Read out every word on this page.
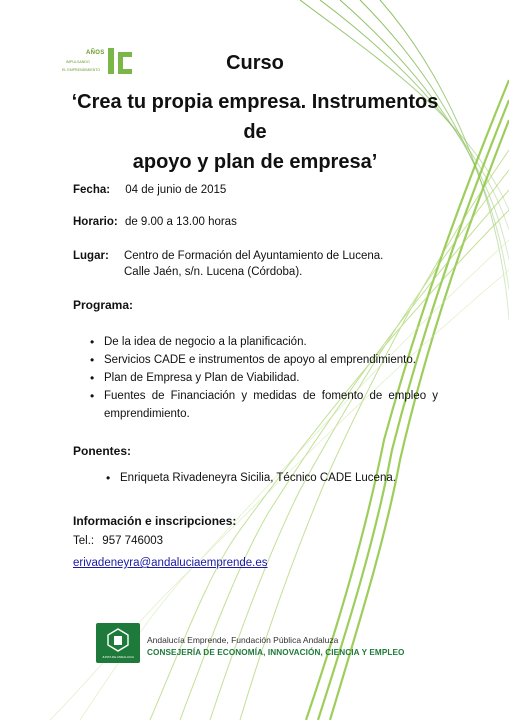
AÑOS
IMPULSANDO
EL EMPRENDIMIENTO	Curso
‘Crea tu propia empresa. Instrumentos de
apoyo y plan de empresa’
Fecha: 04 de junio de 2015
Horario: de 9.00 a 13.00 horas
Lugar: Centro de Formación del Ayuntamiento de Lucena.
Calle Jaén, s/n. Lucena (Córdoba).
Programa:
• De la idea de negocio a la planificación.
• Servicios CADE e instrumentos de apoyo al emprendimiento.
• Plan de Empresa y Plan de Viabilidad.
• Fuentes de Financiación y medidas de fomento de empleo y emprendimiento.
Ponentes:
• Enriqueta Rivadeneyra Sicilia, Técnico CADE Lucena.
Información e inscripciones:
Tel.: 957 746003
erivadeneyra@andaluciaemprende.es
JUNTA DE ANDALUCIA
Andalucía Emprende, Fundación Pública Andaluza
CONSEJERÍA DE ECONOMÍA, INNOVACIÓN, CIENCIA Y EMPLEO
